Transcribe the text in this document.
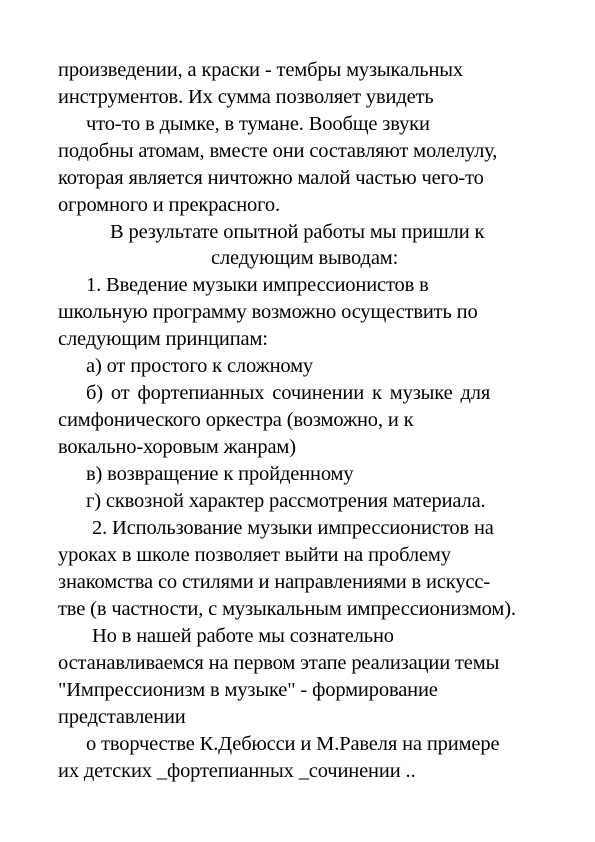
произведении, а краски - тембры музыкальных
инструментов. Их сумма позволяет увидеть
что-то в дымке, в тумане. Вообще звуки
подобны атомам, вместе они составляют молелулу,
которая является ничтожно малой частью чего-то
огромного и прекрасного.
В результате опытной работы мы пришли к
следующим выводам:
1. Введение музыки импрессионистов в
школьную программу возможно осуществить по
следующим принципам:
а) от простого к сложному
б) от фортепианных сочинении к музыке для
симфонического оркестра (возможно, и к
вокально-хоровым жанрам)
в) возвращение к пройденному
г) сквозной характер рассмотрения материала.
2. Использование музыки импрессионистов на
уроках в школе позволяет выйти на проблему
знакомства со стилями и направлениями в искусс-
тве (в частности, с музыкальным импрессионизмом).
Но в нашей работе мы сознательно
останавливаемся на первом этапе реализации темы
"Импрессионизм в музыке" - формирование
представлении
о творчестве К.Дебюсси и М.Равеля на примере
их детских _фортепианных _сочинении ..
